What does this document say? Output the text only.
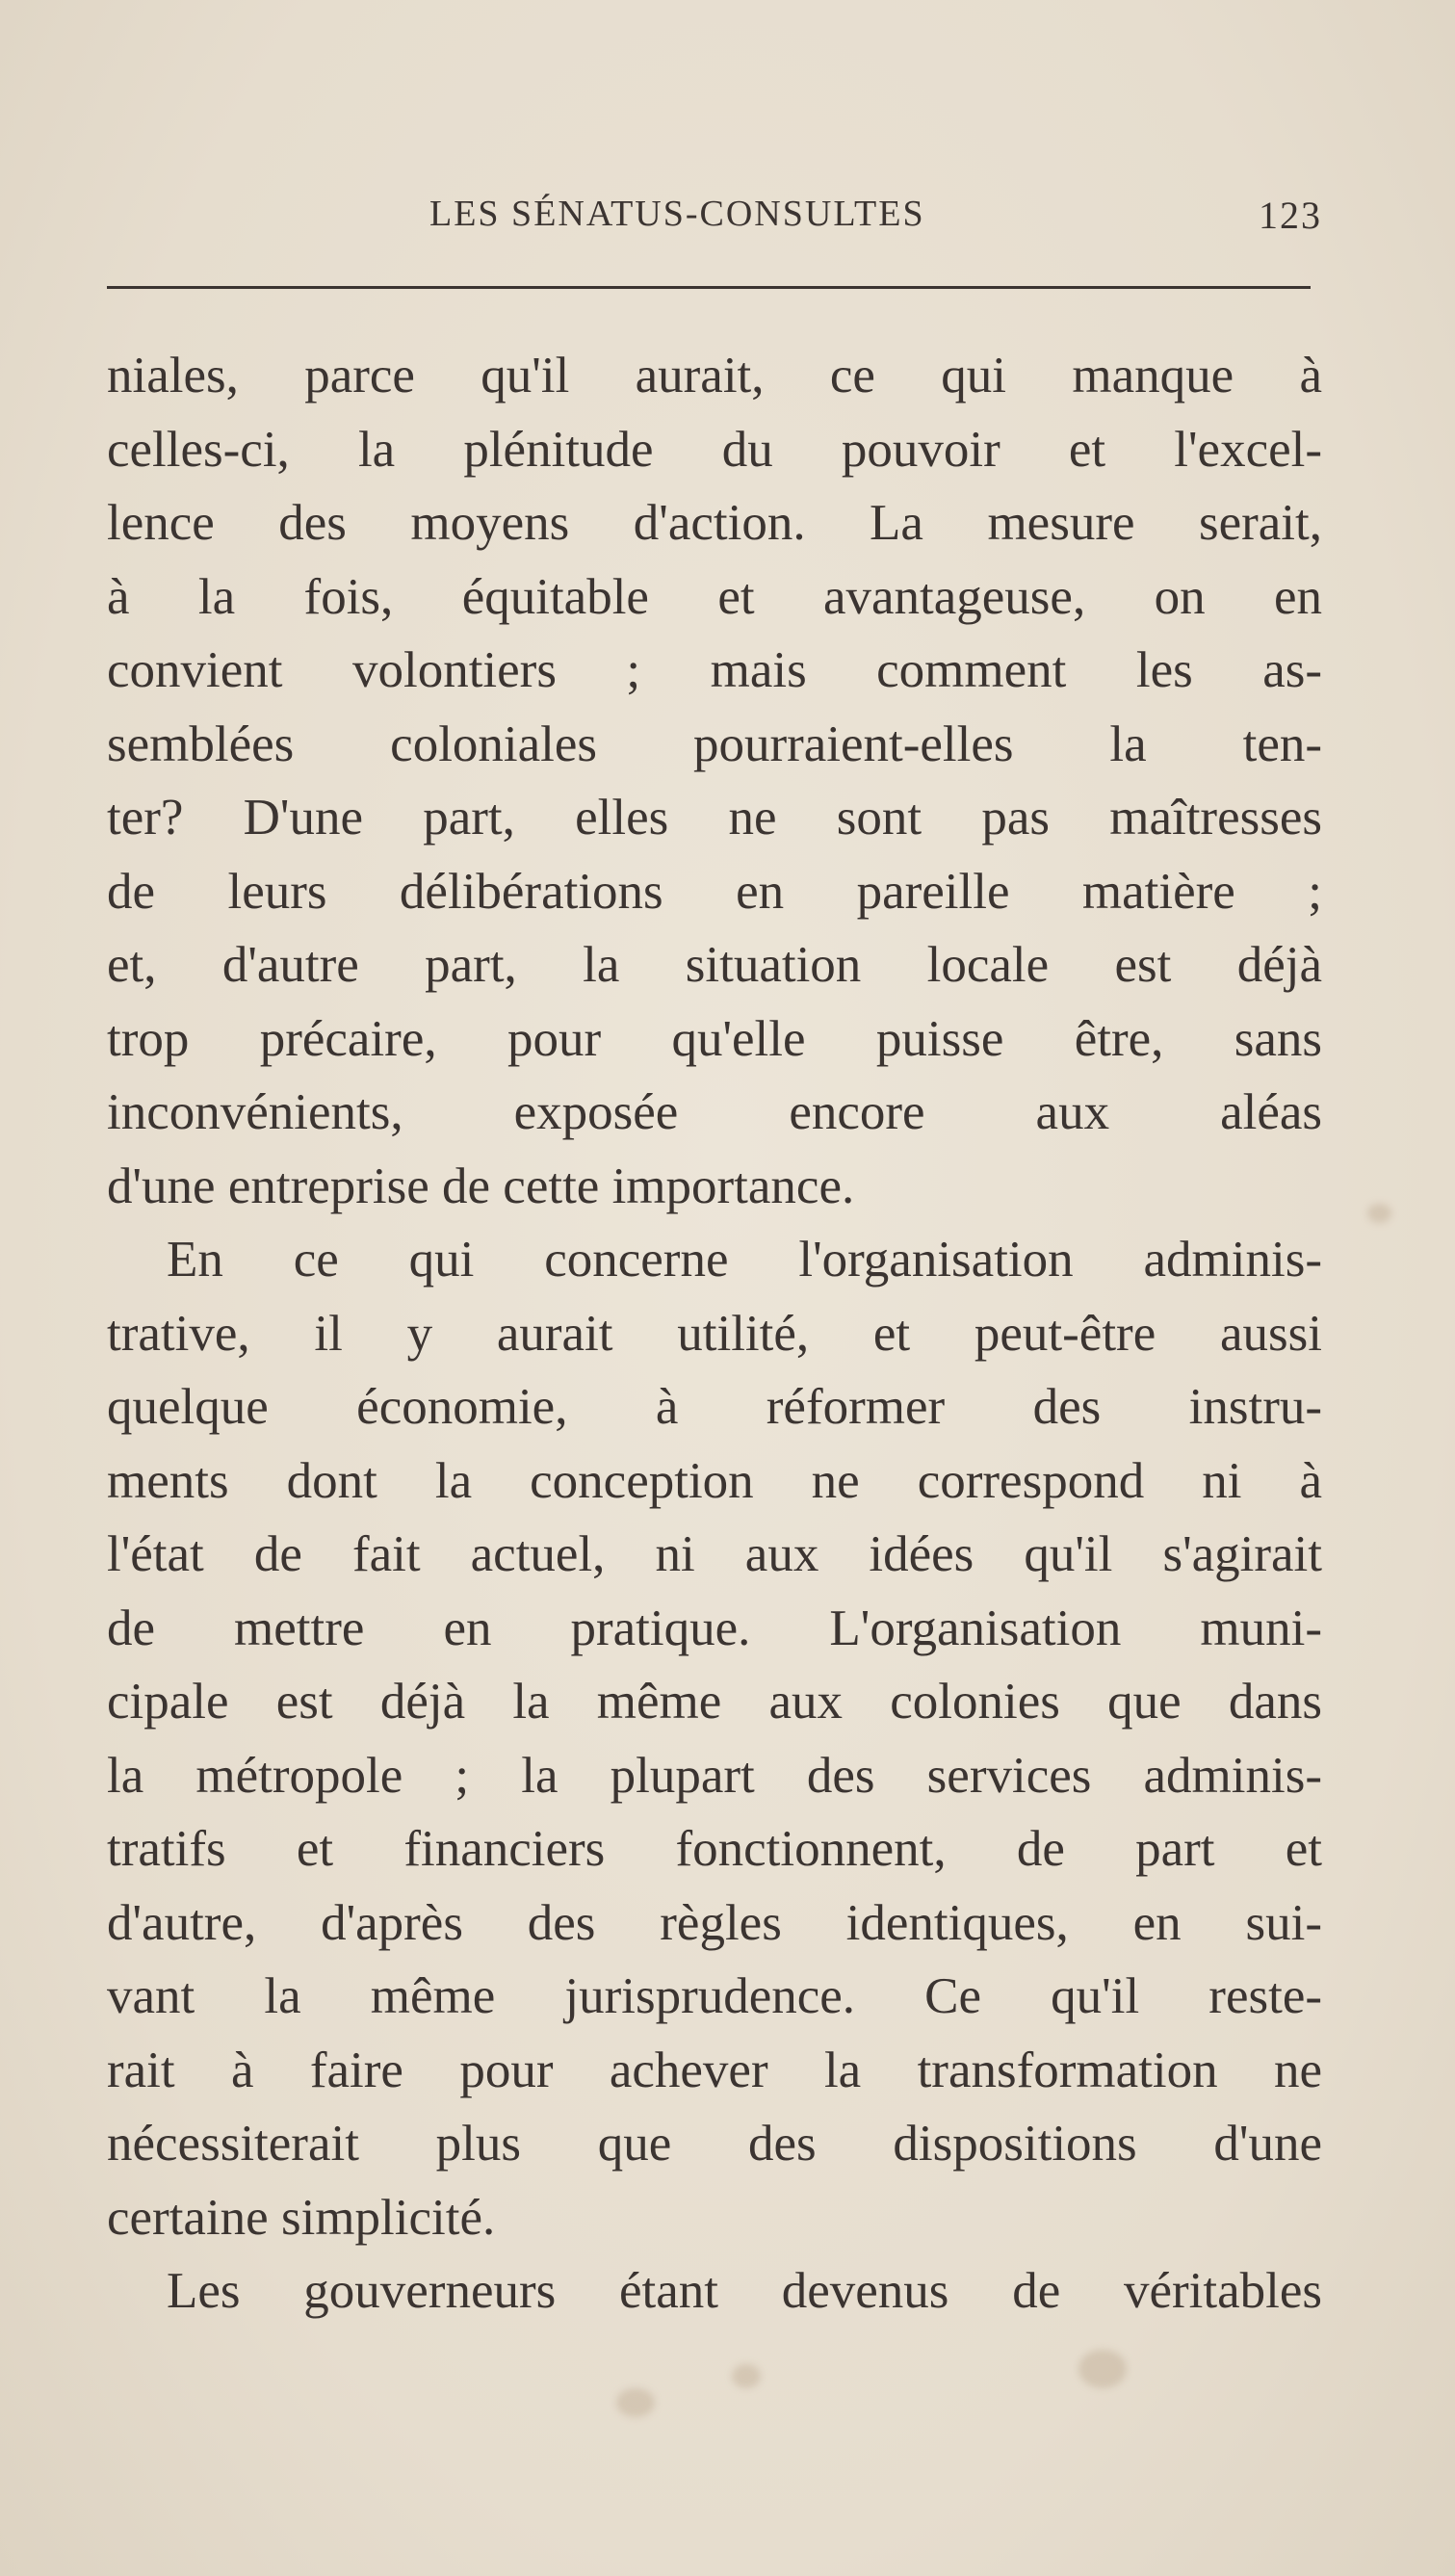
LES SÉNATUS-CONSULTES	123
niales, parce qu'il aurait, ce qui manque à
celles-ci, la plénitude du pouvoir et l'excel-
lence des moyens d'action. La mesure serait,
à la fois, équitable et avantageuse, on en
convient volontiers ; mais comment les as-
semblées coloniales pourraient-elles la ten-
ter? D'une part, elles ne sont pas maîtresses
de leurs délibérations en pareille matière ;
et, d'autre part, la situation locale est déjà
trop précaire, pour qu'elle puisse être, sans
inconvénients, exposée encore aux aléas
d'une entreprise de cette importance.
En ce qui concerne l'organisation adminis-
trative, il y aurait utilité, et peut-être aussi
quelque économie, à réformer des instru-
ments dont la conception ne correspond ni à
l'état de fait actuel, ni aux idées qu'il s'agirait
de mettre en pratique. L'organisation muni-
cipale est déjà la même aux colonies que dans
la métropole ; la plupart des services adminis-
tratifs et financiers fonctionnent, de part et
d'autre, d'après des règles identiques, en sui-
vant la même jurisprudence. Ce qu'il reste-
rait à faire pour achever la transformation ne
nécessiterait plus que des dispositions d'une
certaine simplicité.
Les gouverneurs étant devenus de véritables
